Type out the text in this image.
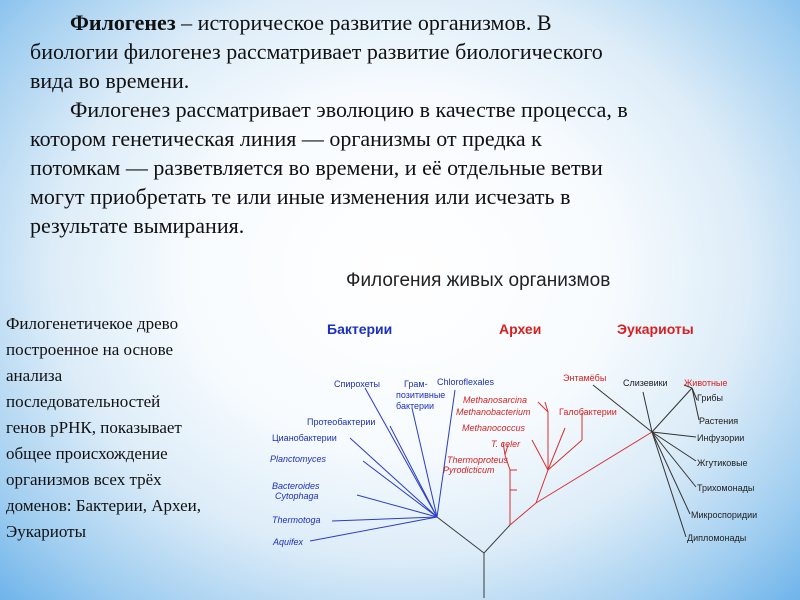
Филогенез – историческое развитие организмов. В

биологии филогенез рассматривает развитие биологического

вида во времени.

Филогенез рассматривает эволюцию в качестве процесса, в

котором генетическая линия — организмы от предка к

потомкам — разветвляется во времени, и её отдельные ветви

могут приобретать те или иные изменения или исчезать в

результате вымирания.

Филогенетичекое древо
построенное на основе
анализа
последовательностей
генов рРНК, показывает
общее происхождение
организмов всех трёх
доменов: Бактерии, Археи,
Эукариоты
Филогения живых организмов
Бактерии	Археи	Эукариоты
Спирохеты	Грам-
позитивные
бактерии
Chloroflexales
Протеобактерии
Цианобактерии
Planctomyces
Bacteroides
Cytophaga
Thermotoga
Aquifex
Methanosarcina
Methanobacterium	Галобактерии
Methanococcus
T. celer
Thermoproteus
Pyrodicticum
Энтамёбы Слизевики Животные
Грибы
Растения
Инфузории
Жгутиковые
Трихомонады
Микроспоридии
Дипломонады
